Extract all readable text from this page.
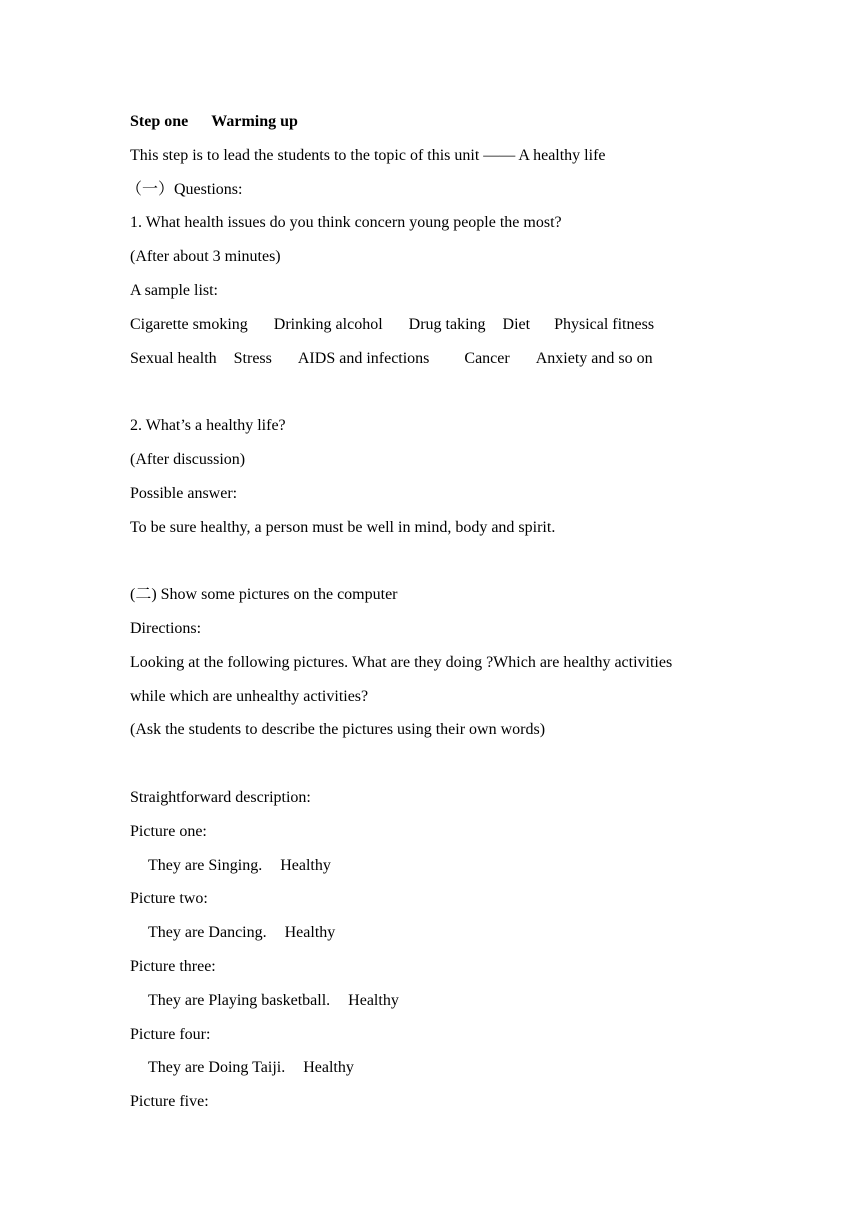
Step one Warming up
This step is to lead the students to the topic of this unit —— A healthy life
（一）Questions:
1. What health issues do you think concern young people the most?
(After about 3 minutes)
A sample list:
Cigarette smoking Drinking alcohol Drug taking Diet Physical fitness
Sexual health Stress AIDS and infections Cancer Anxiety and so on
2. What’s a healthy life?
(After discussion)
Possible answer:
To be sure healthy, a person must be well in mind, body and spirit.
(二) Show some pictures on the computer
Directions:
Looking at the following pictures. What are they doing ?Which are healthy activities
while which are unhealthy activities?
(Ask the students to describe the pictures using their own words)
Straightforward description:
Picture one:
They are Singing. Healthy
Picture two:
They are Dancing. Healthy
Picture three:
They are Playing basketball. Healthy
Picture four:
They are Doing Taiji. Healthy
Picture five:
